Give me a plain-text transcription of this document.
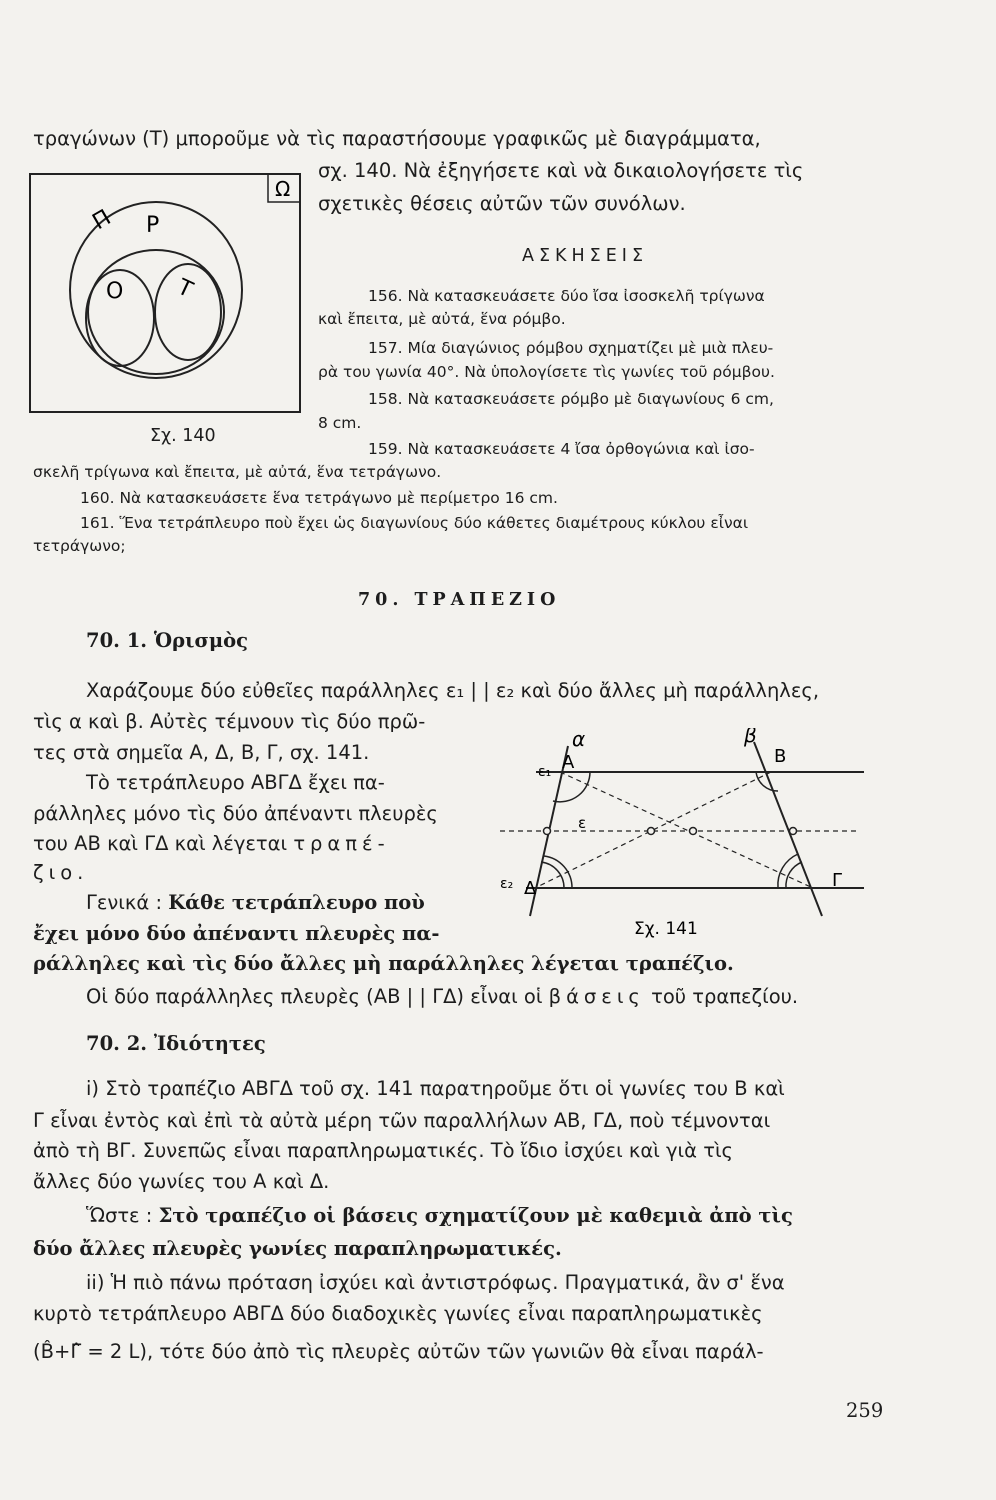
τραγώνων (Τ) μποροῦμε νὰ τὶς παραστήσουμε γραφικῶς μὲ διαγράμματα,
σχ. 140. Νὰ ἐξηγήσετε καὶ νὰ δικαιολογήσετε τὶς
σχετικὲς θέσεις αὐτῶν τῶν συνόλων.
Ω
Π Ρ
Ο Τ
Σχ. 140
ΑΣΚΗΣΕΙΣ
156. Νὰ κατασκευάσετε δύο ἴσα ἰσοσκελῆ τρίγωνα
καὶ ἔπειτα, μὲ αὐτά, ἕνα ρόμβο.
157. Μία διαγώνιος ρόμβου σχηματίζει μὲ μιὰ πλευ-
ρὰ του γωνία 40°. Νὰ ὑπολογίσετε τὶς γωνίες τοῦ ρόμβου.
158. Νὰ κατασκευάσετε ρόμβο μὲ διαγωνίους 6 cm,
8 cm.
159. Νὰ κατασκευάσετε 4 ἴσα ὀρθογώνια καὶ ἰσο-
σκελῆ τρίγωνα καὶ ἔπειτα, μὲ αὐτά, ἕνα τετράγωνο.
160. Νὰ κατασκευάσετε ἕνα τετράγωνο μὲ περίμετρο 16 cm.
161. Ἕνα τετράπλευρο ποὺ ἔχει ὡς διαγωνίους δύο κάθετες διαμέτρους κύκλου εἶναι
τετράγωνο;
70. ΤΡΑΠΕΖΙΟ
70. 1. Ὁρισμὸς
Χαράζουμε δύο εὐθεῖες παράλληλες ε₁ | | ε₂ καὶ δύο ἄλλες μὴ παράλληλες,
τὶς α καὶ β. Αὐτὲς τέμνουν τὶς δύο πρῶ-
τες στὰ σημεῖα Α, Δ, Β, Γ, σχ. 141.
Τὸ τετράπλευρο ΑΒΓΔ ἔχει πα-
ράλληλες μόνο τὶς δύο ἀπέναντι πλευρὲς
του ΑΒ καὶ ΓΔ καὶ λέγεται τραπέ-
ζιο.
Γενικά : Κάθε τετράπλευρο ποὺ
ἔχει μόνο δύο ἀπέναντι πλευρὲς πα-
ράλληλες καὶ τὶς δύο ἄλλες μὴ παράλληλες λέγεται τραπέζιο.
Οἱ δύο παράλληλες πλευρὲς (ΑΒ | | ΓΔ) εἶναι οἱ βάσεις τοῦ τραπεζίου.
α	β
Α	Β
Γ
Δ
ε₁
ε₂
ε
Σχ. 141
70. 2. Ἰδιότητες
i) Στὸ τραπέζιο ΑΒΓΔ τοῦ σχ. 141 παρατηροῦμε ὅτι οἱ γωνίες του Β καὶ
Γ εἶναι ἐντὸς καὶ ἐπὶ τὰ αὐτὰ μέρη τῶν παραλλήλων ΑΒ, ΓΔ, ποὺ τέμνονται
ἀπὸ τὴ ΒΓ. Συνεπῶς εἶναι παραπληρωματικές. Τὸ ἴδιο ἰσχύει καὶ γιὰ τὶς
ἄλλες δύο γωνίες του Α καὶ Δ.
Ὥστε : Στὸ τραπέζιο οἱ βάσεις σχηματίζουν μὲ καθεμιὰ ἀπὸ τὶς
δύο ἄλλες πλευρὲς γωνίες παραπληρωματικές.
ii) Ἡ πιὸ πάνω πρόταση ἰσχύει καὶ ἀντιστρόφως. Πραγματικά, ἂν σ' ἕνα
κυρτὸ τετράπλευρο ΑΒΓΔ δύο διαδοχικὲς γωνίες εἶναι παραπληρωματικὲς
(B̂+Γ̂ = 2 L), τότε δύο ἀπὸ τὶς πλευρὲς αὐτῶν τῶν γωνιῶν θὰ εἶναι παράλ-
259
